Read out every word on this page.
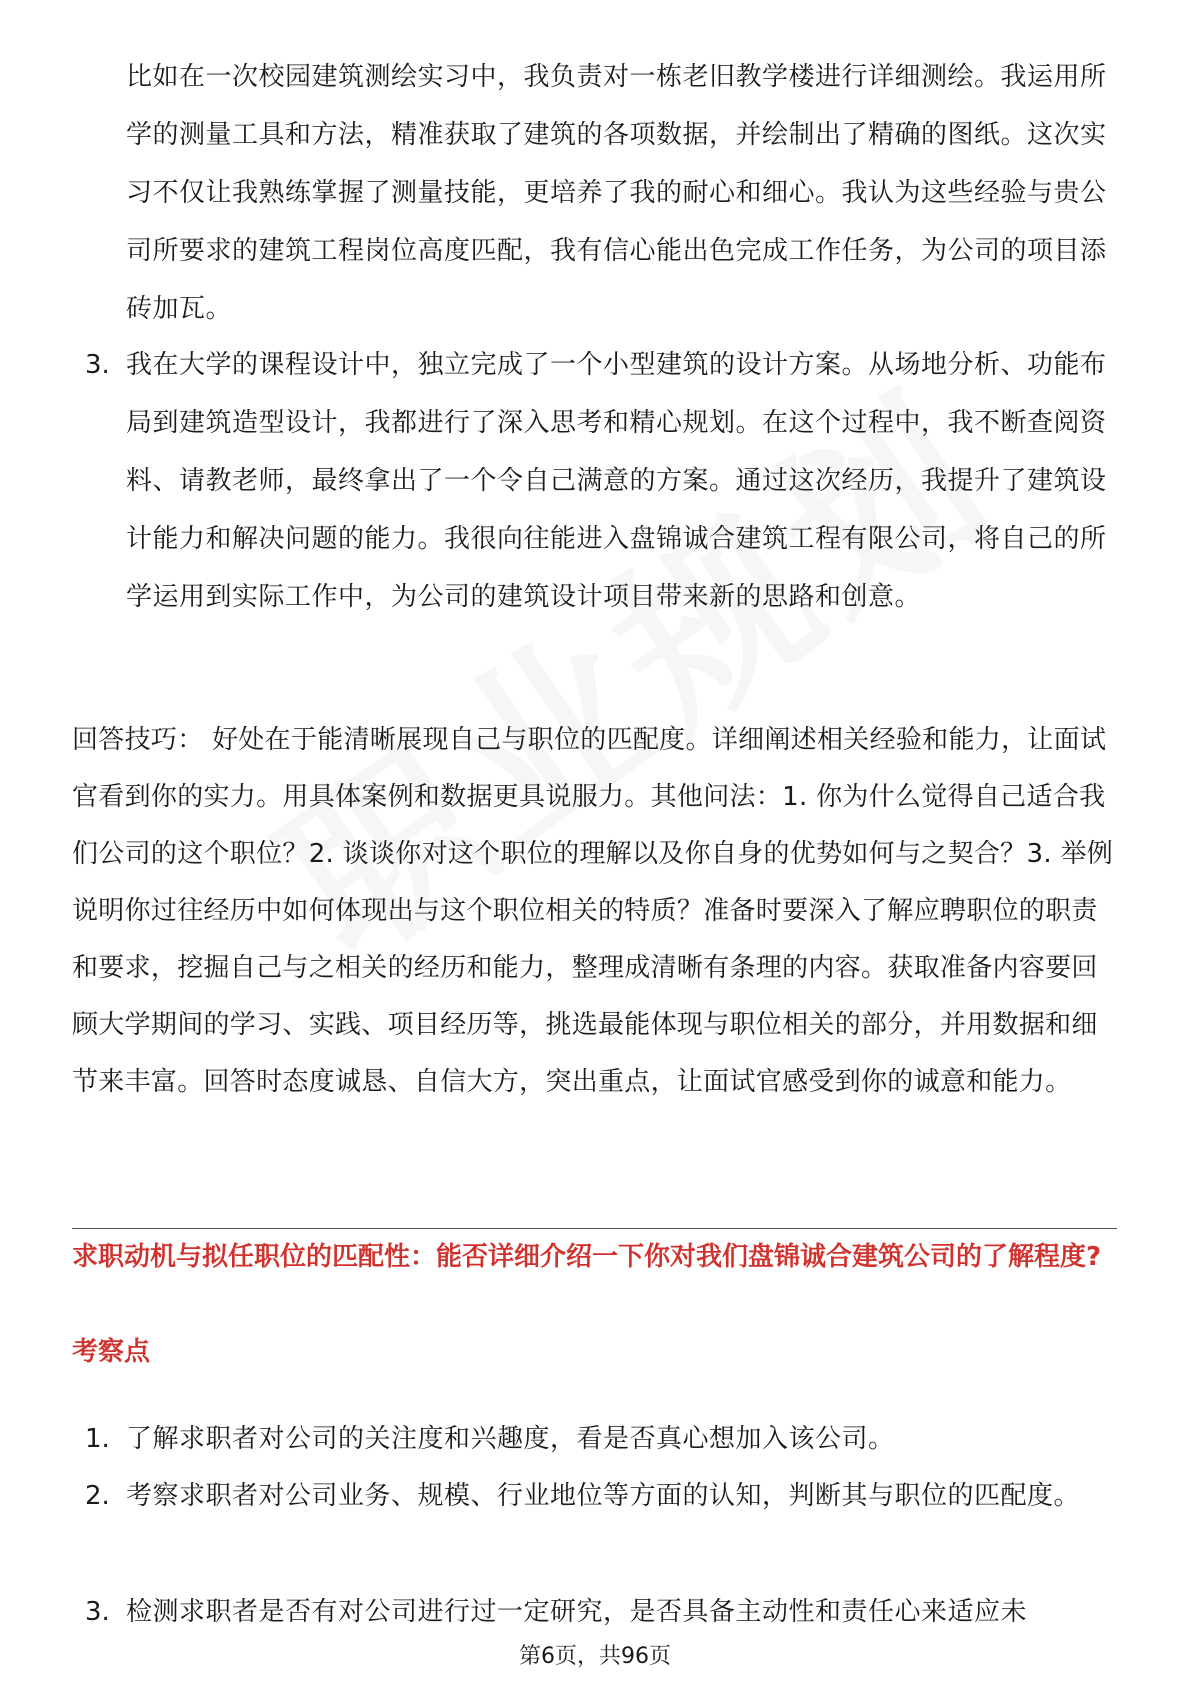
比如在一次校园建筑测绘实习中，我负责对一栋老旧教学楼进行详细测绘。我运用所学的测量工具和方法，精准获取了建筑的各项数据，并绘制出了精确的图纸。这次实习不仅让我熟练掌握了测量技能，更培养了我的耐心和细心。我认为这些经验与贵公司所要求的建筑工程岗位高度匹配，我有信心能出色完成工作任务，为公司的项目添砖加瓦。
3. 我在大学的课程设计中，独立完成了一个小型建筑的设计方案。从场地分析、功能布局到建筑造型设计，我都进行了深入思考和精心规划。在这个过程中，我不断查阅资料、请教老师，最终拿出了一个令自己满意的方案。通过这次经历，我提升了建筑设计能力和解决问题的能力。我很向往能进入盘锦诚合建筑工程有限公司，将自己的所学运用到实际工作中，为公司的建筑设计项目带来新的思路和创意。
回答技巧： 好处在于能清晰展现自己与职位的匹配度。详细阐述相关经验和能力，让面试官看到你的实力。用具体案例和数据更具说服力。其他问法：1. 你为什么觉得自己适合我们公司的这个职位？2. 谈谈你对这个职位的理解以及你自身的优势如何与之契合？3. 举例说明你过往经历中如何体现出与这个职位相关的特质？准备时要深入了解应聘职位的职责和要求，挖掘自己与之相关的经历和能力，整理成清晰有条理的内容。获取准备内容要回顾大学期间的学习、实践、项目经历等，挑选最能体现与职位相关的部分，并用数据和细节来丰富。回答时态度诚恳、自信大方，突出重点，让面试官感受到你的诚意和能力。
求职动机与拟任职位的匹配性：能否详细介绍一下你对我们盘锦诚合建筑公司的了解程度?
考察点
1. 了解求职者对公司的关注度和兴趣度，看是否真心想加入该公司。
2. 考察求职者对公司业务、规模、行业地位等方面的认知，判断其与职位的匹配度。
3. 检测求职者是否有对公司进行过一定研究，是否具备主动性和责任心来适应未
第6页，共96页
